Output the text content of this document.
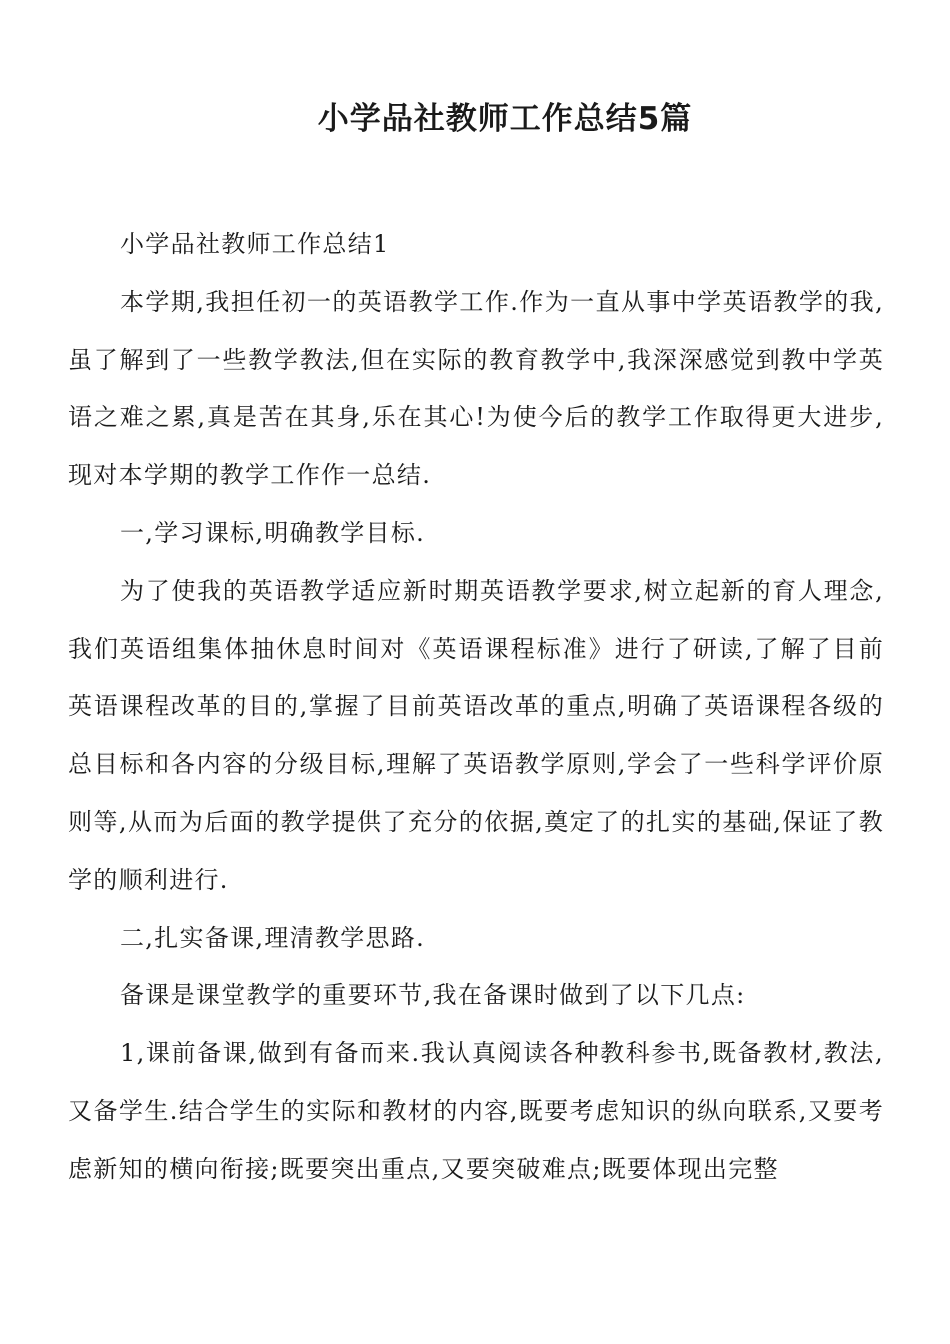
小学品社教师工作总结5篇

小学品社教师工作总结1

本学期,我担任初一的英语教学工作.作为一直从事中学英语教学的我,虽了解到了一些教学教法,但在实际的教育教学中,我深深感觉到教中学英语之难之累,真是苦在其身,乐在其心!为使今后的教学工作取得更大进步,现对本学期的教学工作作一总结.

一,学习课标,明确教学目标.

为了使我的英语教学适应新时期英语教学要求,树立起新的育人理念,我们英语组集体抽休息时间对《英语课程标准》进行了研读,了解了目前英语课程改革的目的,掌握了目前英语改革的重点,明确了英语课程各级的总目标和各内容的分级目标,理解了英语教学原则,学会了一些科学评价原则等,从而为后面的教学提供了充分的依据,奠定了的扎实的基础,保证了教学的顺利进行.

二,扎实备课,理清教学思路.

备课是课堂教学的重要环节,我在备课时做到了以下几点:

1,课前备课,做到有备而来.我认真阅读各种教科参书,既备教材,教法,又备学生.结合学生的实际和教材的内容,既要考虑知识的纵向联系,又要考虑新知的横向衔接;既要突出重点,又要突破难点;既要体现出完整
